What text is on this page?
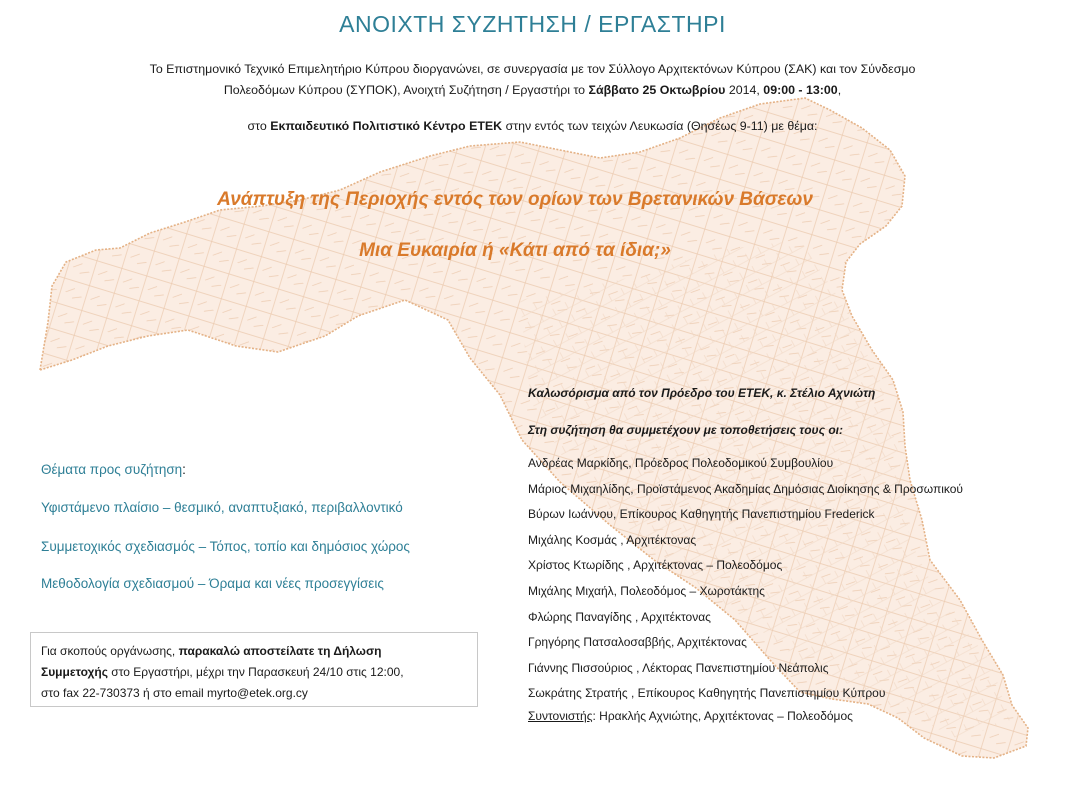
ΑΝΟΙΧΤΗ ΣΥΖΗΤΗΣΗ / ΕΡΓΑΣΤΗΡΙ
Το Επιστημονικό Τεχνικό Επιμελητήριο Κύπρου διοργανώνει, σε συνεργασία με τον Σύλλογο Αρχιτεκτόνων Κύπρου (ΣΑΚ) και τον Σύνδεσμο
Πολεοδόμων Κύπρου (ΣΥΠΟΚ), Ανοιχτή Συζήτηση / Εργαστήρι το Σάββατο 25 Οκτωβρίου 2014, 09:00 - 13:00,
στο Εκπαιδευτικό Πολιτιστικό Κέντρο ΕΤΕΚ στην εντός των τειχών Λευκωσία (Θησέως 9-11) με θέμα:
Ανάπτυξη της Περιοχής εντός των ορίων των Βρετανικών Βάσεων
Μια Ευκαιρία ή «Κάτι από τα ίδια;»
Καλωσόρισμα από τον Πρόεδρο του ΕΤΕΚ, κ. Στέλιο Αχνιώτη
Στη συζήτηση θα συμμετέχουν με τοποθετήσεις τους οι:
Ανδρέας Μαρκίδης, Πρόεδρος Πολεοδομικού Συμβουλίου
Μάριος Μιχαηλίδης, Προϊστάμενος Ακαδημίας Δημόσιας Διοίκησης & Προσωπικού
Βύρων Ιωάννου, Επίκουρος Καθηγητής Πανεπιστημίου Frederick
Μιχάλης Κοσμάς , Αρχιτέκτονας
Χρίστος Κτωρίδης , Αρχιτέκτονας – Πολεοδόμος
Μιχάλης Μιχαήλ, Πολεοδόμος – Χωροτάκτης
Φλώρης Παναγίδης , Αρχιτέκτονας
Γρηγόρης Πατσαλοσαββής, Αρχιτέκτονας
Γιάννης Πισσούριος , Λέκτορας Πανεπιστημίου Νεάπολις
Σωκράτης Στρατής , Επίκουρος Καθηγητής Πανεπιστημίου Κύπρου
Συντονιστής: Ηρακλής Αχνιώτης, Αρχιτέκτονας – Πολεοδόμος
Θέματα προς συζήτηση:
Υφιστάμενο πλαίσιο – θεσμικό, αναπτυξιακό, περιβαλλοντικό
Συμμετοχικός σχεδιασμός – Τόπος, τοπίο και δημόσιος χώρος
Μεθοδολογία σχεδιασμού – Όραμα και νέες προσεγγίσεις
Για σκοπούς οργάνωσης, παρακαλώ αποστείλατε τη Δήλωση
Συμμετοχής στο Εργαστήρι, μέχρι την Παρασκευή 24/10 στις 12:00,
στο fax 22-730373 ή στο email myrto@etek.org.cy
